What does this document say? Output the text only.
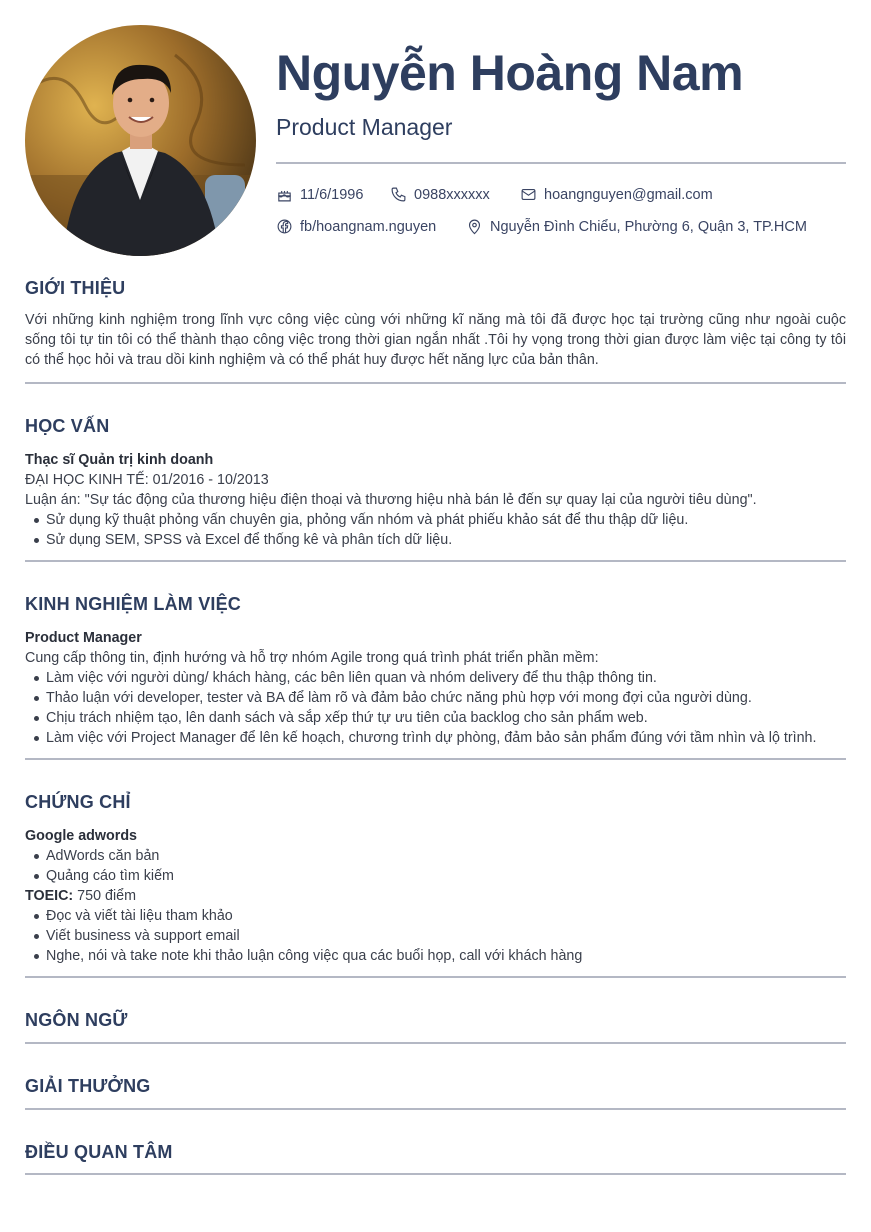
Nguyễn Hoàng Nam
Product Manager
11/6/1996	0988xxxxxx	hoangnguyen@gmail.com
fb/hoangnam.nguyen	Nguyễn Đình Chiểu, Phường 6, Quận 3, TP.HCM
GIỚI THIỆU
Với những kinh nghiệm trong lĩnh vực công việc cùng với những kĩ năng mà tôi đã được học tại trường cũng như ngoài cuộc sống tôi tự tin tôi có thể thành thạo công việc trong thời gian ngắn nhất .Tôi hy vọng trong thời gian được làm việc tại công ty tôi có thể học hỏi và trau dồi kinh nghiệm và có thể phát huy được hết năng lực của bản thân.
HỌC VẤN
Thạc sĩ Quản trị kinh doanh
ĐẠI HỌC KINH TẾ: 01/2016 - 10/2013
Luận án: "Sự tác động của thương hiệu điện thoại và thương hiệu nhà bán lẻ đến sự quay lại của người tiêu dùng".
Sử dụng kỹ thuật phỏng vấn chuyên gia, phỏng vấn nhóm và phát phiếu khảo sát để thu thập dữ liệu.
Sử dụng SEM, SPSS và Excel để thống kê và phân tích dữ liệu.
KINH NGHIỆM LÀM VIỆC
Product Manager
Cung cấp thông tin, định hướng và hỗ trợ nhóm Agile trong quá trình phát triển phần mềm:
Làm việc với người dùng/ khách hàng, các bên liên quan và nhóm delivery để thu thập thông tin.
Thảo luận với developer, tester và BA để làm rõ và đảm bảo chức năng phù hợp với mong đợi của người dùng.
Chịu trách nhiệm tạo, lên danh sách và sắp xếp thứ tự ưu tiên của backlog cho sản phẩm web.
Làm việc với Project Manager để lên kế hoạch, chương trình dự phòng, đảm bảo sản phẩm đúng với tầm nhìn và lộ trình.
CHỨNG CHỈ
Google adwords
AdWords căn bản
Quảng cáo tìm kiếm
TOEIC: 750 điểm
Đọc và viết tài liệu tham khảo
Viết business và support email
Nghe, nói và take note khi thảo luận công việc qua các buổi họp, call với khách hàng
NGÔN NGỮ
GIẢI THƯỞNG
ĐIỀU QUAN TÂM
